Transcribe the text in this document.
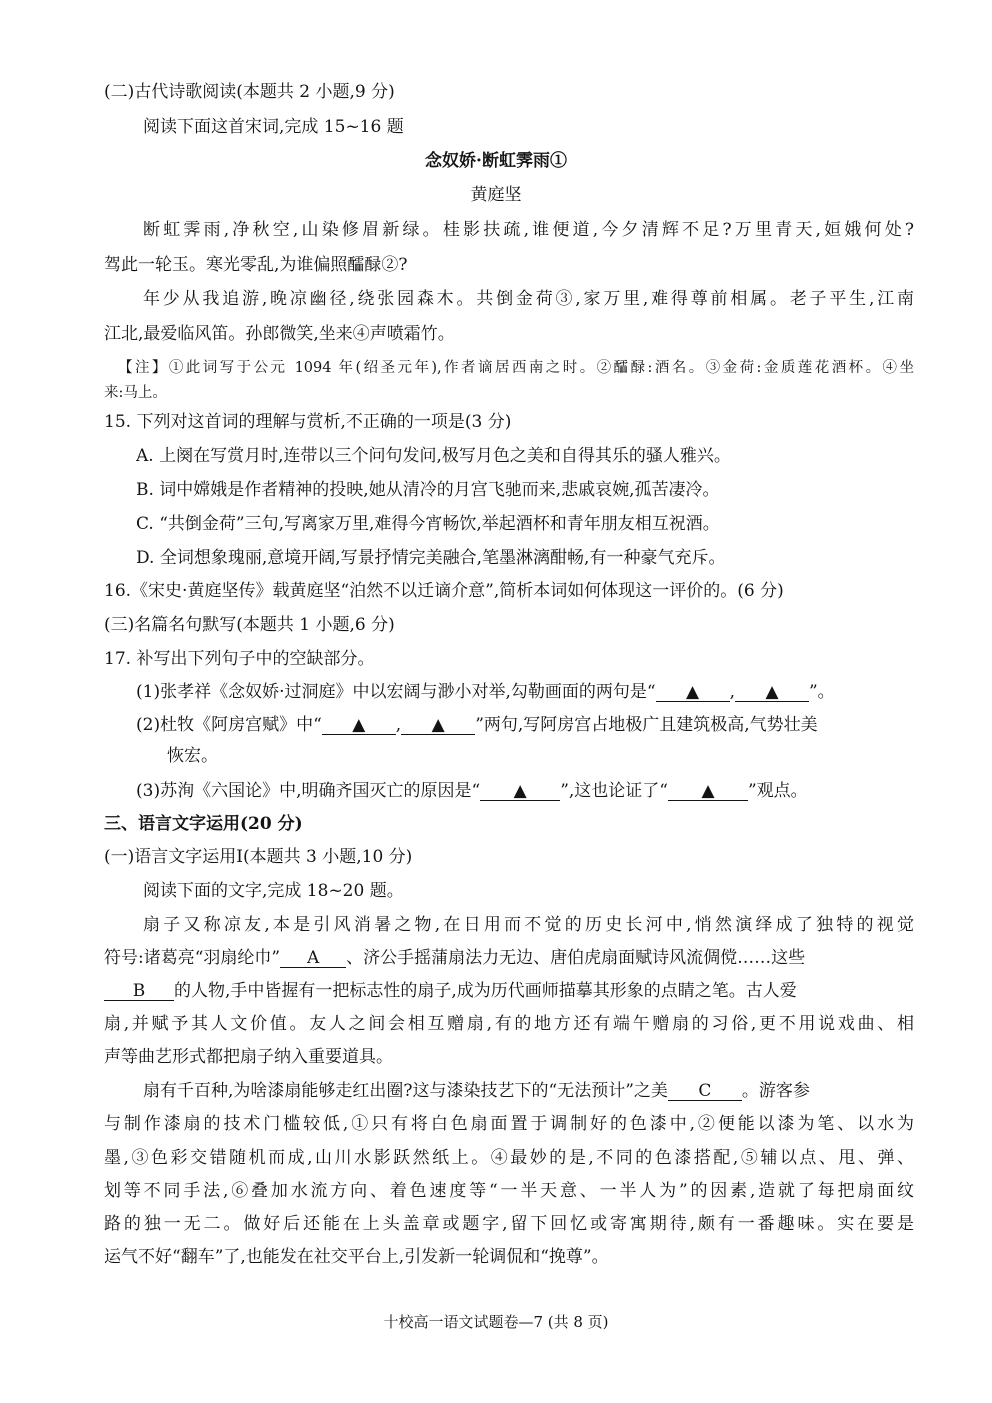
(二)古代诗歌阅读(本题共 2 小题,9 分)
阅读下面这首宋词,完成 15~16 题
念奴娇·断虹霁雨①
黄庭坚
断虹霁雨,净秋空,山染修眉新绿。桂影扶疏,谁便道,今夕清辉不足?万里青天,姮娥何处?
驾此一轮玉。寒光零乱,为谁偏照醽醁②?
年少从我追游,晚凉幽径,绕张园森木。共倒金荷③,家万里,难得尊前相属。老子平生,江南
江北,最爱临风笛。孙郎微笑,坐来④声喷霜竹。
【注】①此词写于公元 1094 年(绍圣元年),作者谪居西南之时。②醽醁:酒名。③金荷:金质莲花酒杯。④坐
来:马上。
15. 下列对这首词的理解与赏析,不正确的一项是(3 分)
A. 上阕在写赏月时,连带以三个问句发问,极写月色之美和自得其乐的骚人雅兴。
B. 词中嫦娥是作者精神的投映,她从清冷的月宫飞驰而来,悲戚哀婉,孤苦凄冷。
C. “共倒金荷”三句,写离家万里,难得今宵畅饮,举起酒杯和青年朋友相互祝酒。
D. 全词想象瑰丽,意境开阔,写景抒情完美融合,笔墨淋漓酣畅,有一种豪气充斥。
16.《宋史·黄庭坚传》载黄庭坚“泊然不以迁谪介意”,简析本词如何体现这一评价的。(6 分)
(三)名篇名句默写(本题共 1 小题,6 分)
17. 补写出下列句子中的空缺部分。
(1)张孝祥《念奴娇·过洞庭》中以宏阔与渺小对举,勾勒画面的两句是“ ▲ , ▲ ”。
(2)杜牧《阿房宫赋》中“ ▲ , ▲ ”两句,写阿房宫占地极广且建筑极高,气势壮美
恢宏。
(3)苏洵《六国论》中,明确齐国灭亡的原因是“ ▲ ”,这也论证了“ ▲ ”观点。
三、语言文字运用(20 分)
(一)语言文字运用Ⅰ(本题共 3 小题,10 分)
阅读下面的文字,完成 18~20 题。
扇子又称凉友,本是引风消暑之物,在日用而不觉的历史长河中,悄然演绎成了独特的视觉
符号:诸葛亮“羽扇纶巾” A 、济公手摇蒲扇法力无边、唐伯虎扇面赋诗风流倜傥……这些
B 的人物,手中皆握有一把标志性的扇子,成为历代画师描摹其形象的点睛之笔。古人爱
扇,并赋予其人文价值。友人之间会相互赠扇,有的地方还有端午赠扇的习俗,更不用说戏曲、相
声等曲艺形式都把扇子纳入重要道具。
扇有千百种,为啥漆扇能够走红出圈?这与漆染技艺下的“无法预计”之美 C 。游客参
与制作漆扇的技术门槛较低,①只有将白色扇面置于调制好的色漆中,②便能以漆为笔、以水为
墨,③色彩交错随机而成,山川水影跃然纸上。④最妙的是,不同的色漆搭配,⑤辅以点、甩、弹、
划等不同手法,⑥叠加水流方向、着色速度等“一半天意、一半人为”的因素,造就了每把扇面纹
路的独一无二。做好后还能在上头盖章或题字,留下回忆或寄寓期待,颇有一番趣味。实在要是
运气不好“翻车”了,也能发在社交平台上,引发新一轮调侃和“挽尊”。
十校高一语文试题卷—7 (共 8 页)
